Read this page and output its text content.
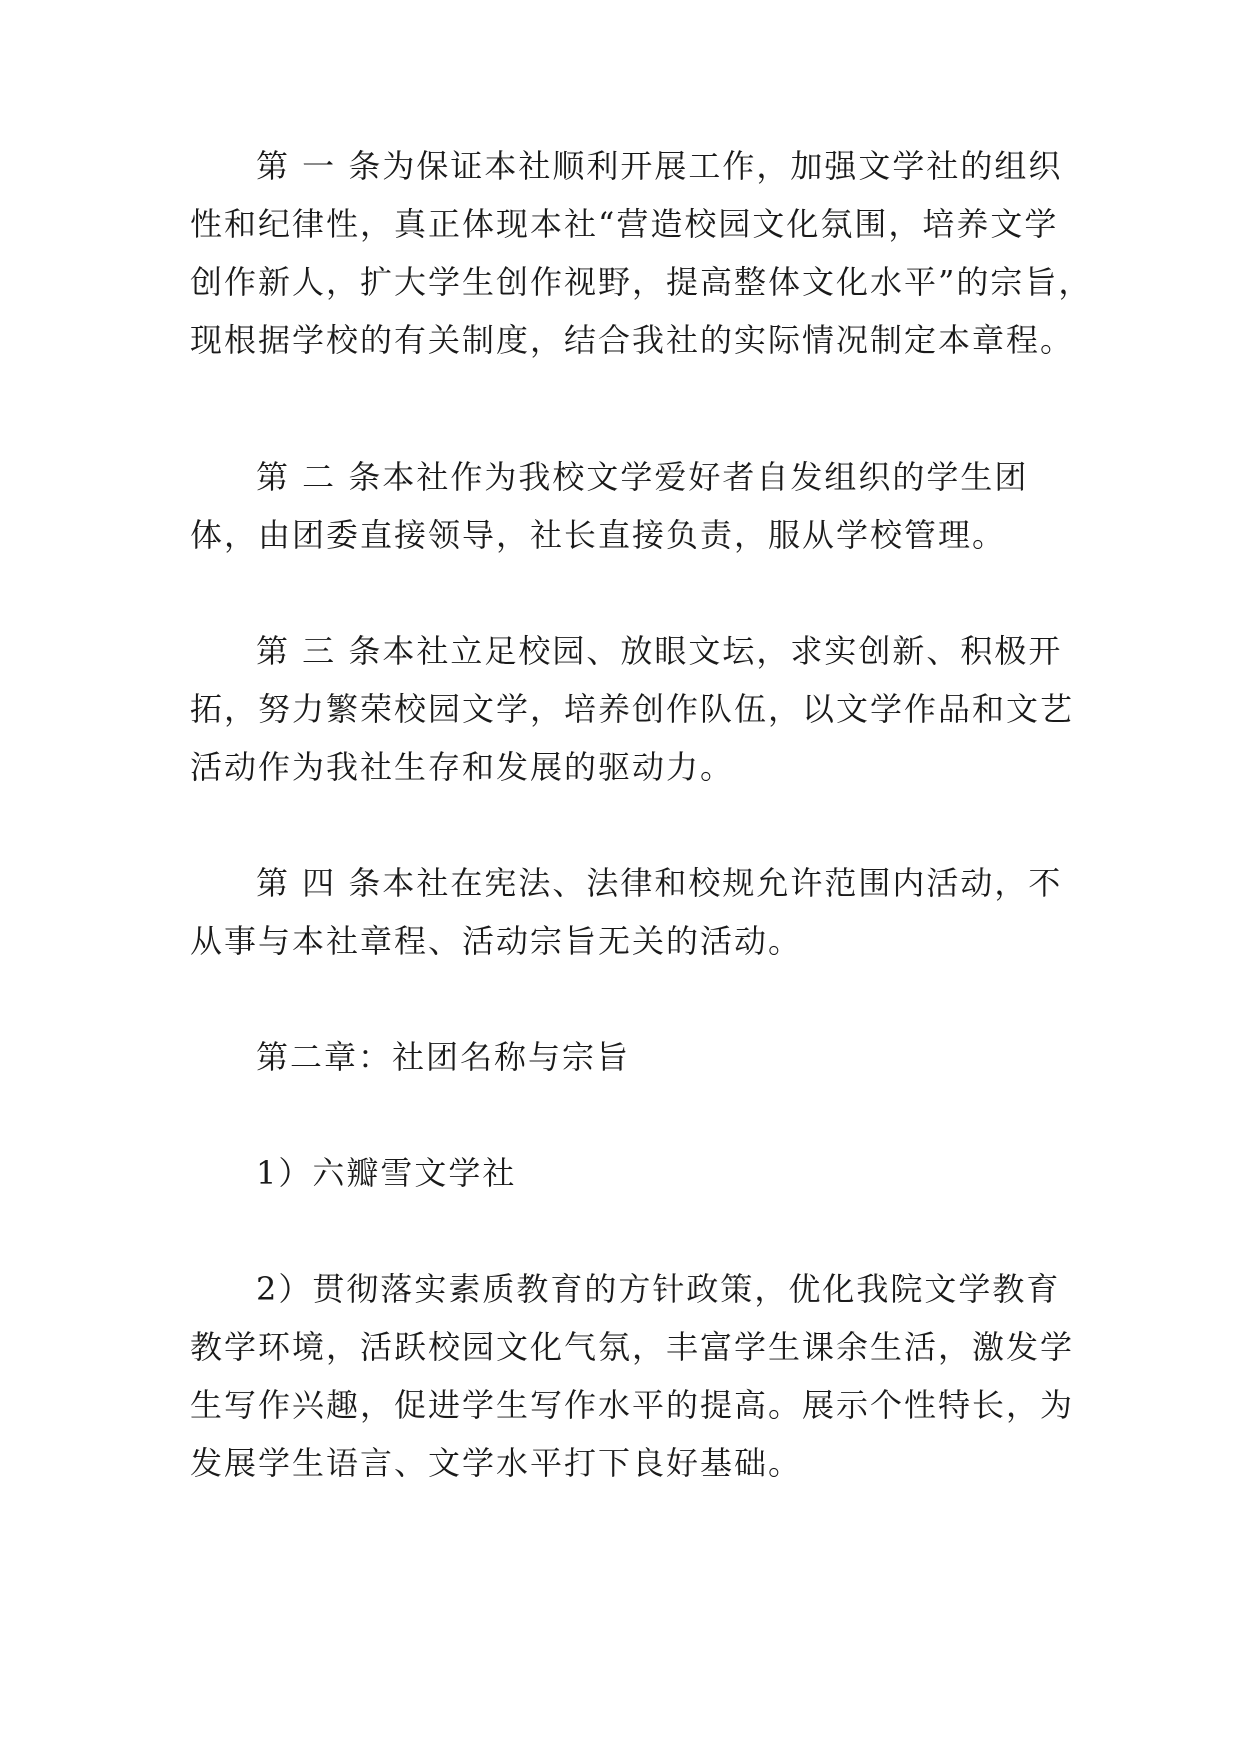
第 一 条为保证本社顺利开展工作，加强文学社的组织
性和纪律性，真正体现本社“营造校园文化氛围，培养文学
创作新人，扩大学生创作视野，提高整体文化水平”的宗旨，
现根据学校的有关制度，结合我社的实际情况制定本章程。
第 二 条本社作为我校文学爱好者自发组织的学生团
体，由团委直接领导，社长直接负责，服从学校管理。
第 三 条本社立足校园、放眼文坛，求实创新、积极开
拓，努力繁荣校园文学，培养创作队伍，以文学作品和文艺
活动作为我社生存和发展的驱动力。
第 四 条本社在宪法、法律和校规允许范围内活动，不
从事与本社章程、活动宗旨无关的活动。
第二章：社团名称与宗旨
1）六瓣雪文学社
2）贯彻落实素质教育的方针政策，优化我院文学教育
教学环境，活跃校园文化气氛，丰富学生课余生活，激发学
生写作兴趣，促进学生写作水平的提高。展示个性特长，为
发展学生语言、文学水平打下良好基础。
